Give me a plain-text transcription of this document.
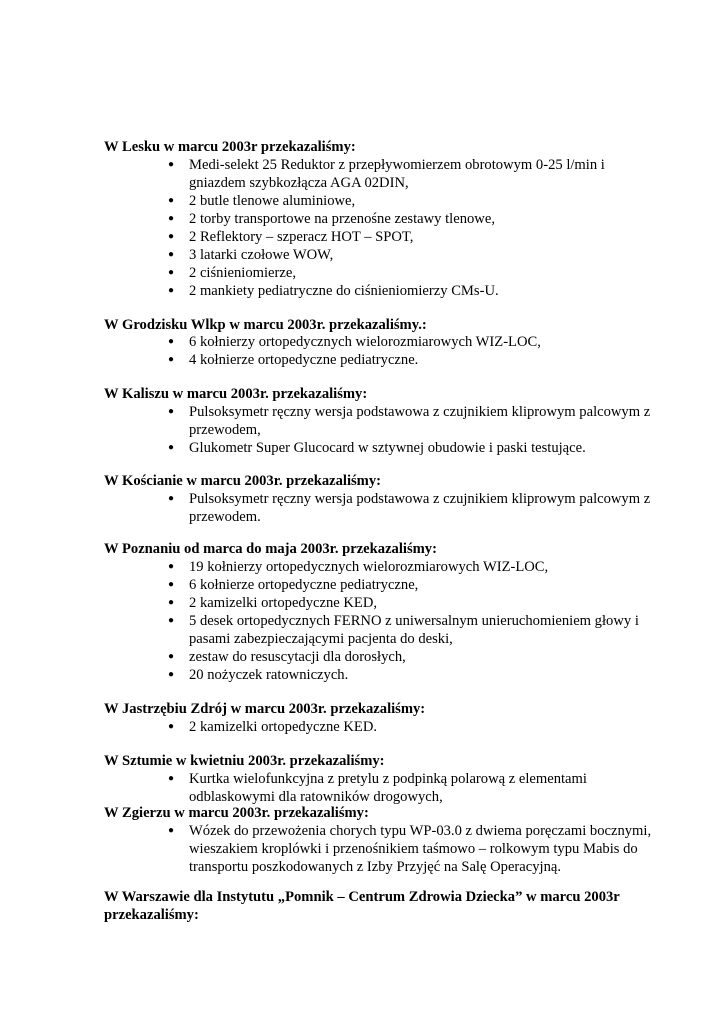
W Lesku w marcu 2003r przekazaliśmy:
● Medi-selekt 25 Reduktor z przepływomierzem obrotowym 0-25 l/min i gniazdem szybkozłącza AGA 02DIN,
● 2 butle tlenowe aluminiowe,
● 2 torby transportowe na przenośne zestawy tlenowe,
● 2 Reflektory – szperacz HOT – SPOT,
● 3 latarki czołowe WOW,
● 2 ciśnieniomierze,
● 2 mankiety pediatryczne do ciśnieniomierzy CMs-U.
W Grodzisku Wlkp w marcu 2003r. przekazaliśmy.:
● 6 kołnierzy ortopedycznych wielorozmiarowych WIZ-LOC,
● 4 kołnierze ortopedyczne pediatryczne.
W Kaliszu w marcu 2003r. przekazaliśmy:
● Pulsoksymetr ręczny wersja podstawowa z czujnikiem kliprowym palcowym z przewodem,
● Glukometr Super Glucocard w sztywnej obudowie i paski testujące.
W Kościanie w marcu 2003r. przekazaliśmy:
● Pulsoksymetr ręczny wersja podstawowa z czujnikiem kliprowym palcowym z przewodem.
W Poznaniu od marca do maja 2003r. przekazaliśmy:
● 19 kołnierzy ortopedycznych wielorozmiarowych WIZ-LOC,
● 6 kołnierze ortopedyczne pediatryczne,
● 2 kamizelki ortopedyczne KED,
● 5 desek ortopedycznych FERNO z uniwersalnym unieruchomieniem głowy i pasami zabezpieczającymi pacjenta do deski,
● zestaw do resuscytacji dla dorosłych,
● 20 nożyczek ratowniczych.
W Jastrzębiu Zdrój w marcu 2003r. przekazaliśmy:
● 2 kamizelki ortopedyczne KED.
W Sztumie w kwietniu 2003r. przekazaliśmy:
● Kurtka wielofunkcyjna z pretylu z podpinką polarową z elementami odblaskowymi dla ratowników drogowych,
W Zgierzu w marcu 2003r. przekazaliśmy:
● Wózek do przewożenia chorych typu WP-03.0 z dwiema poręczami bocznymi, wieszakiem kroplówki i przenośnikiem taśmowo – rolkowym typu Mabis do transportu poszkodowanych z Izby Przyjęć na Salę Operacyjną.
W Warszawie dla Instytutu „Pomnik – Centrum Zdrowia Dziecka” w marcu 2003r przekazaliśmy:
